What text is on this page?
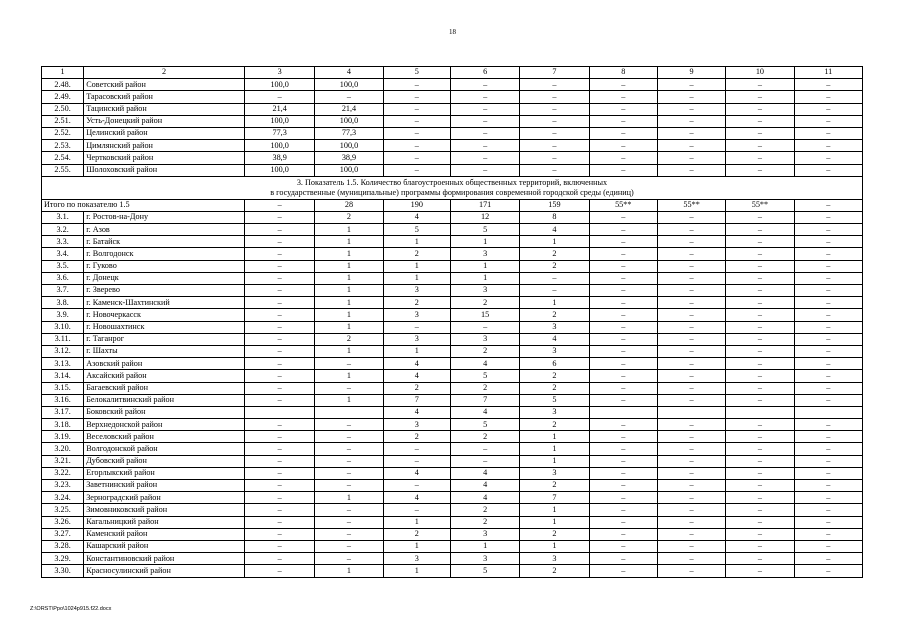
18
1	2	3	4	5	6	7	8	9	10	11
2.48.	Советский район	100,0	100,0	–	–	–	–	–	–	–
2.49.	Тарасовский район	–	–	–	–	–	–	–	–	–
2.50.	Тацинский район	21,4	21,4	–	–	–	–	–	–	–
2.51.	Усть-Донецкий район	100,0	100,0	–	–	–	–	–	–	–
2.52.	Целинский район	77,3	77,3	–	–	–	–	–	–	–
2.53.	Цимлянский район	100,0	100,0	–	–	–	–	–	–	–
2.54.	Чертковский район	38,9	38,9	–	–	–	–	–	–	–
2.55.	Шолоховский район	100,0	100,0	–	–	–	–	–	–	–

3. Показатель 1.5. Количество благоустроенных общественных территорий, включенных
в государственные (муниципальные) программы формирования современной городской среды (единиц)										

Итого по показателю 1.5		–	28	190	171	159	55**	55**	55**	–
3.1.	г. Ростов-на-Дону	–	2	4	12	8	–	–	–	–
3.2.	г. Азов	–	1	5	5	4	–	–	–	–
3.3.	г. Батайск	–	1	1	1	1	–	–	–	–
3.4.	г. Волгодонск	–	1	2	3	2	–	–	–	–
3.5.	г. Гуково	–	1	1	1	2	–	–	–	–
3.6.	г. Донецк	–	1	1	1	–	–	–	–	–
3.7.	г. Зверево	–	1	3	3	–	–	–	–	–
3.8.	г. Каменск-Шахтинский	–	1	2	2	1	–	–	–	–
3.9.	г. Новочеркасск	–	1	3	15	2	–	–	–	–
3.10.	г. Новошахтинск	–	1	–	–	3	–	–	–	–
3.11.	г. Таганрог	–	2	3	3	4	–	–	–	–
3.12.	г. Шахты	–	1	1	2	3	–	–	–	–
3.13.	Азовский район	–	–	4	4	6	–	–	–	–
3.14.	Аксайский район	–	1	4	5	2	–	–	–	–
3.15.	Багаевский район	–	–	2	2	2	–	–	–	–
3.16.	Белокалитвинский район	–	1	7	7	5	–	–	–	–
3.17.	Боковский район			4	4	3				
3.18.	Верхнедонской район	–	–	3	5	2	–	–	–	–
3.19.	Веселовский район	–	–	2	2	1	–	–	–	–
3.20.	Волгодонской район	–	–	–	–	1	–	–	–	–
3.21.	Дубовский район	–	–	–	–	1	–	–	–	–
3.22.	Егорлыкский район	–	–	4	4	3	–	–	–	–
3.23.	Заветнинский район	–	–	–	4	2	–	–	–	–
3.24.	Зерноградский район	–	1	4	4	7	–	–	–	–
3.25.	Зимовниковский район	–	–	–	2	1	–	–	–	–
3.26.	Кагальницкий район	–	–	1	2	1	–	–	–	–
3.27.	Каменский район	–	–	2	3	2	–	–	–	–
3.28.	Кашарский район	–	–	1	1	1	–	–	–	–
3.29.	Константиновский район	–	–	3	3	3	–	–	–	–
3.30.	Красносулинский район	–	1	1	5	2	–	–	–	–
Z:\ORST\Ppo\1024p915.f22.docx
